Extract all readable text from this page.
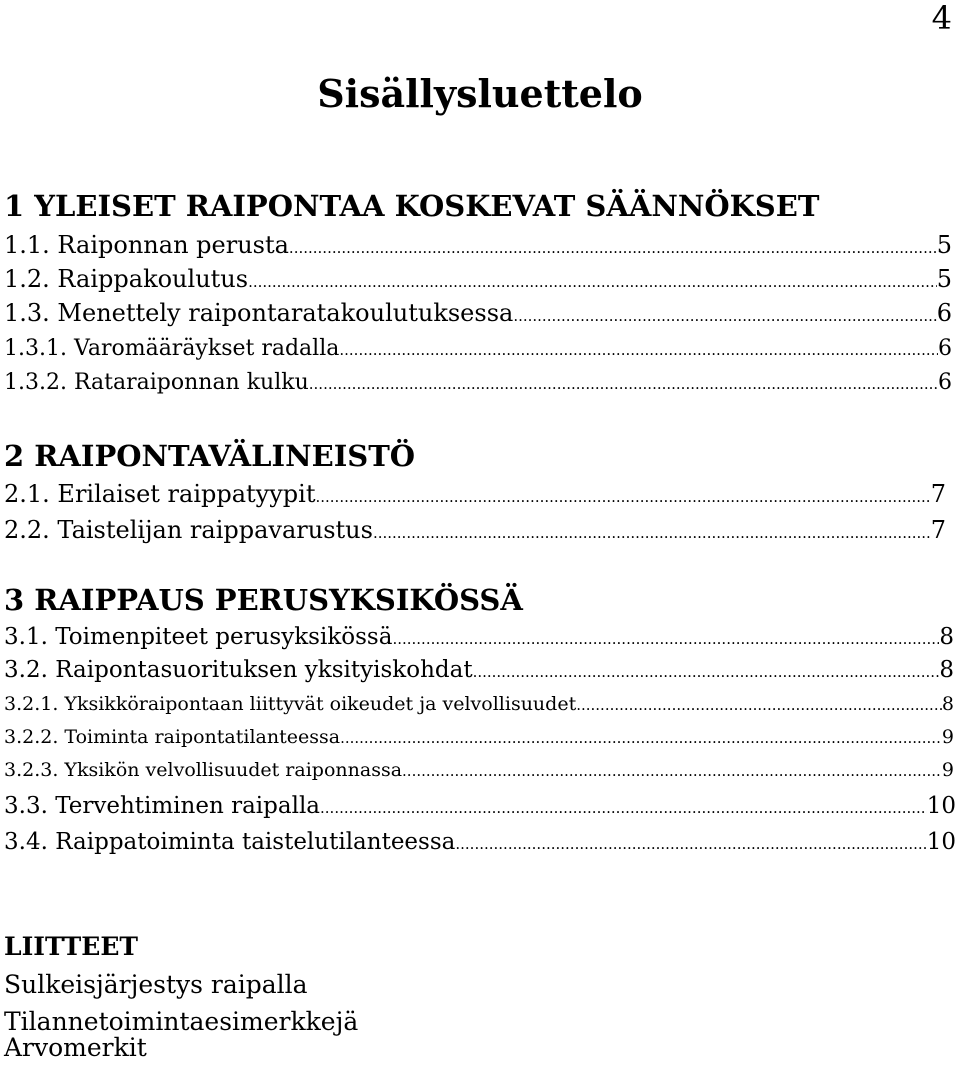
4
Sisällysluettelo
1 YLEISET RAIPONTAA KOSKEVAT SÄÄNNÖKSET
1.1. Raiponnan perusta .....	5
1.2. Raippakoulutus .....	5
1.3. Menettely raipontaratakoulutuksessa .....	6
1.3.1. Varomääräykset radalla .....	6
1.3.2. Rataraiponnan kulku .....	6
2 RAIPONTAVÄLINEISTÖ
2.1. Erilaiset raippatyypit .....	7
2.2. Taistelijan raippavarustus .....	7
3 RAIPPAUS PERUSYKSIKÖSSÄ
3.1. Toimenpiteet perusyksikössä .....	8
3.2. Raipontasuorituksen yksityiskohdat .....	8
3.2.1. Yksikköraipontaan liittyvät oikeudet ja velvollisuudet .....	8
3.2.2. Toiminta raipontatilanteessa .....	9
3.2.3. Yksikön velvollisuudet raiponnassa .....	9
3.3. Tervehtiminen raipalla .....	10
3.4. Raippatoiminta taistelutilanteessa .....	10
LIITTEET
Sulkeisjärjestys raipalla
Tilannetoimintaesimerkkejä
Arvomerkit
